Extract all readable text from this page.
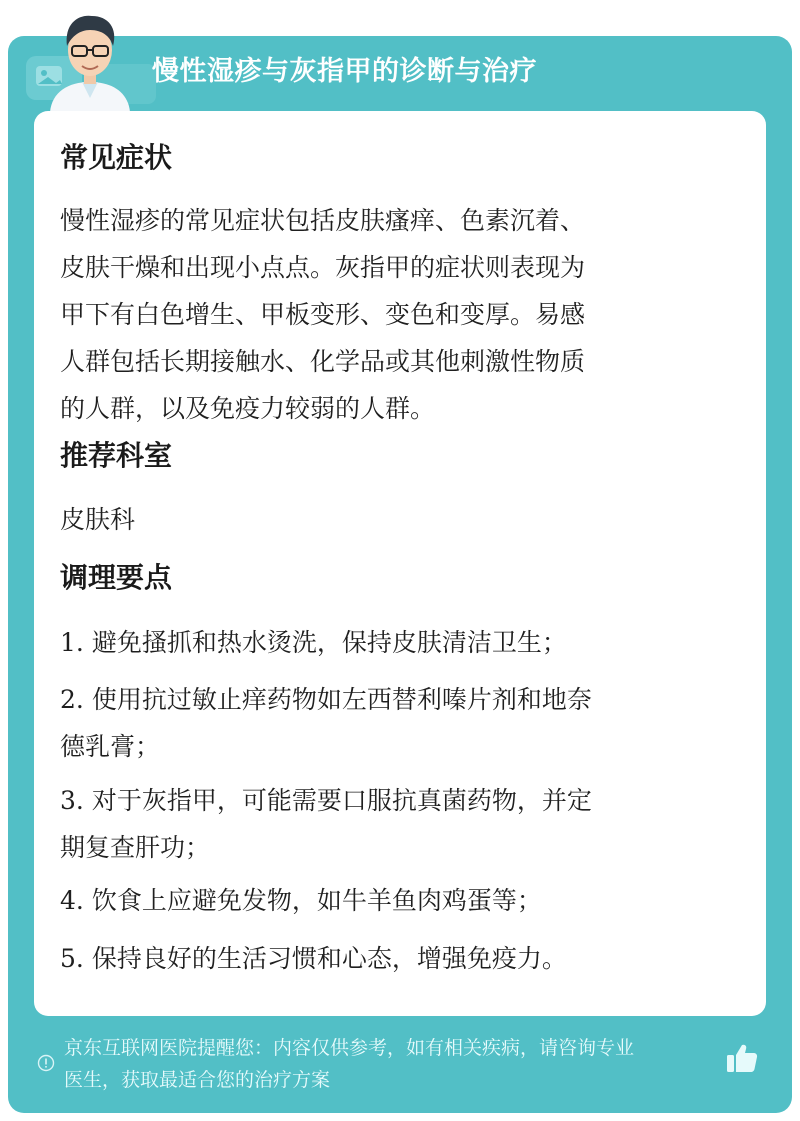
慢性湿疹与灰指甲的诊断与治疗
常见症状
慢性湿疹的常见症状包括皮肤瘙痒、色素沉着、
皮肤干燥和出现小点点。灰指甲的症状则表现为
甲下有白色增生、甲板变形、变色和变厚。易感
人群包括长期接触水、化学品或其他刺激性物质
的人群，以及免疫力较弱的人群。
推荐科室
皮肤科
调理要点
1. 避免搔抓和热水烫洗，保持皮肤清洁卫生；
2. 使用抗过敏止痒药物如左西替利嗪片剂和地奈
德乳膏；
3. 对于灰指甲，可能需要口服抗真菌药物，并定
期复查肝功；
4. 饮食上应避免发物，如牛羊鱼肉鸡蛋等；
5. 保持良好的生活习惯和心态，增强免疫力。
京东互联网医院提醒您：内容仅供参考，如有相关疾病，请咨询专业
医生，获取最适合您的治疗方案
